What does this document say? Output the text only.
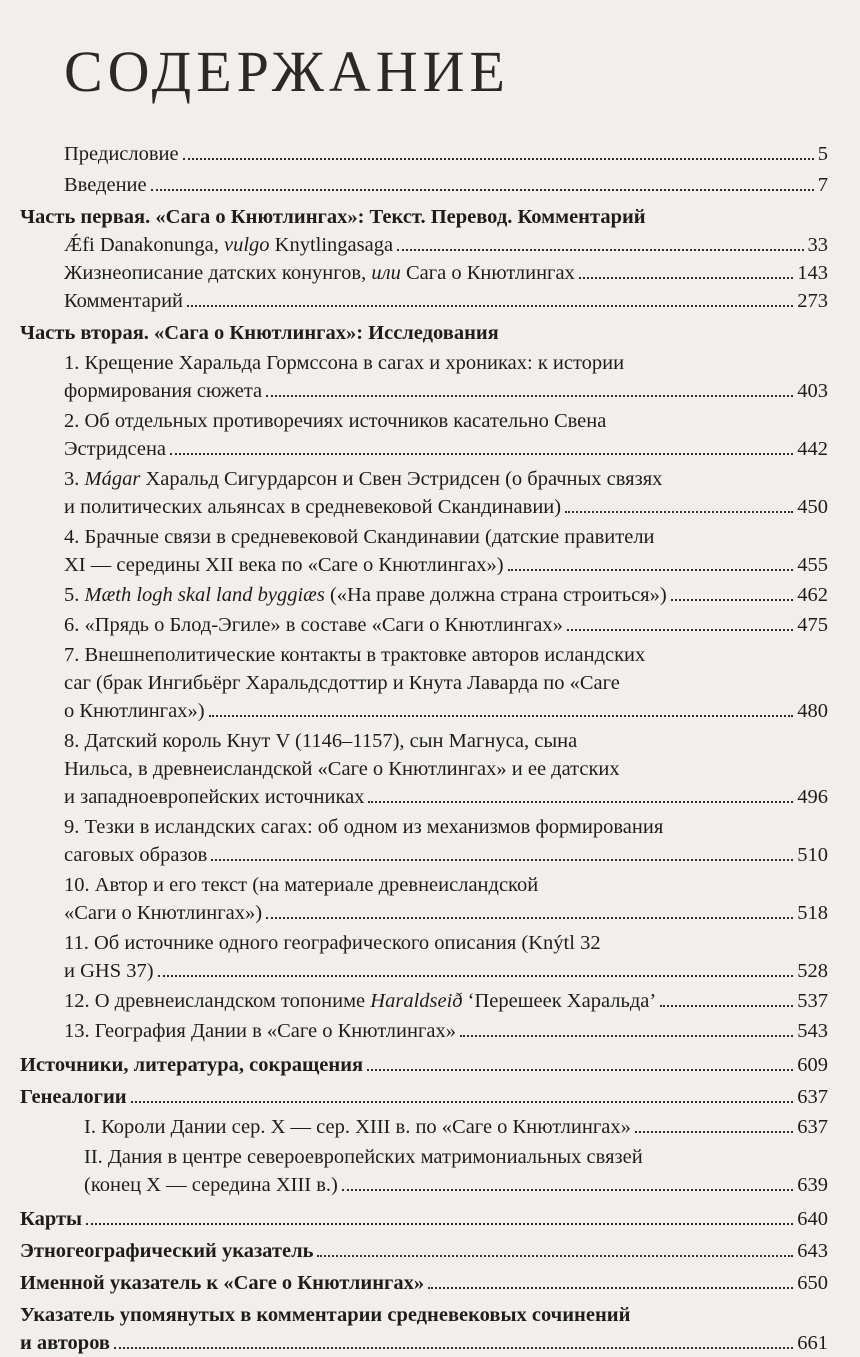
СОДЕРЖАНИЕ
Предисловие	5
Введение	7
Часть первая. «Сага о Кнютлингах»: Текст. Перевод. Комментарий
Ǽfi Danakonunga, vulgo Knytlingasaga	33
Жизнеописание датских конунгов, или Сага о Кнютлингах	143
Комментарий	273
Часть вторая. «Сага о Кнютлингах»: Исследования
1. Крещение Харальда Гормссона в сагах и хрониках: к истории
формирования сюжета	403
2. Об отдельных противоречиях источников касательно Свена
Эстридсена	442
3. Mágar Харальд Сигурдарсон и Свен Эстридсен (о брачных связях
и политических альянсах в средневековой Скандинавии)	450
4. Брачные связи в средневековой Скандинавии (датские правители
XI — середины XII века по «Саге о Кнютлингах»)	455
5. Mæth logh skal land byggiæs («На праве должна страна строиться»)	462
6. «Прядь о Блод-Эгиле» в составе «Саги о Кнютлингах»	475
7. Внешнеполитические контакты в трактовке авторов исландских
саг (брак Ингибьёрг Харальдсдоттир и Кнута Лаварда по «Саге
о Кнютлингах»)	480
8. Датский король Кнут V (1146–1157), сын Магнуса, сына
Нильса, в древнеисландской «Саге о Кнютлингах» и ее датских
и западноевропейских источниках	496
9. Тезки в исландских сагах: об одном из механизмов формирования
саговых образов	510
10. Автор и его текст (на материале древнеисландской
«Саги о Кнютлингах»)	518
11. Об источнике одного географического описания (Knýtl 32
и GHS 37)	528
12. О древнеисландском топониме Haraldseið ‘Перешеек Харальда’	537
13. География Дании в «Саге о Кнютлингах»	543
Источники, литература, сокращения	609
Генеалогии	637
I. Короли Дании сер. X — сер. XIII в. по «Саге о Кнютлингах»	637
II. Дания в центре североевропейских матримониальных связей
(конец X — середина XIII в.)	639
Карты	640
Этногеографический указатель	643
Именной указатель к «Саге о Кнютлингах»	650
Указатель упомянутых в комментарии средневековых сочинений
и авторов	661
